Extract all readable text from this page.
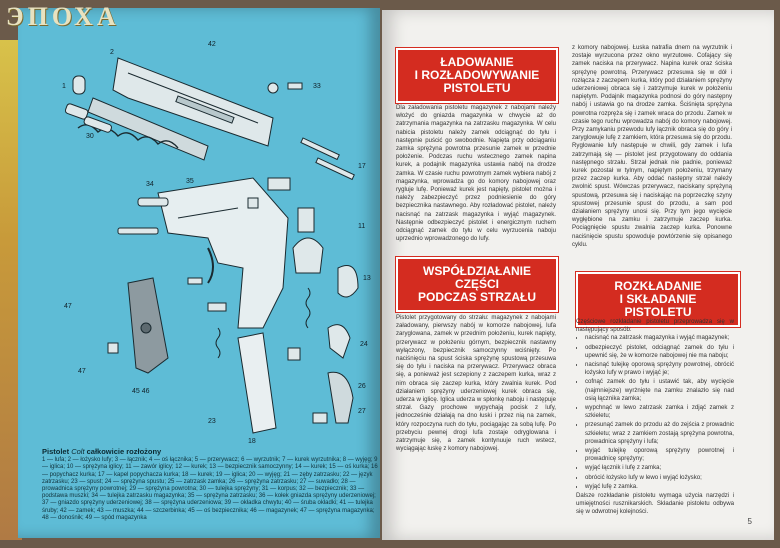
ЭПОХА
2
42
33
1
30
17
11
13
47
47
45 46
24
26
27
18
23
35
34
Pistolet Colt całkowicie rozłożony
1 — lufa; 2 — łożysko lufy; 3 — łącznik; 4 — oś łącznika; 5 — przerywacz; 6 — wyrzutnik; 7 — kurek wyrzutnika; 8 — wyjęg; 9 — iglica; 10 — sprężyna iglicy; 11 — zawór iglicy; 12 — kurek; 13 — bezpiecznik samoczynny; 14 — kurek; 15 — oś kurka; 16 — popychacz kurka; 17 — kapel popychacza kurka; 18 — kurek; 19 — iglica; 20 — wyjęg; 21 — zęby zatrzasku; 22 — język zatrzasku; 23 — spust; 24 — sprężyna spustu; 25 — zatrzask zamka; 26 — sprężyna zatrzasku; 27 — suwadło; 28 — prowadnica sprężyny powrotnej; 29 — sprężyna powrotna; 30 — tulejka sprężyny; 31 — korpus; 32 — bezpiecznik; 33 — podstawa muszki; 34 — tulejka zatrzasku magazynka; 35 — sprężyna zatrzasku; 36 — kołek gniazda sprężyny uderzeniowej; 37 — gniazdo sprężyny uderzeniowej; 38 — sprężyna uderzeniowa; 39 — okładka chwytu; 40 — śruba okładki; 41 — tulejka śruby; 42 — zamek; 43 — muszka; 44 — szczerbinka; 45 — oś bezpiecznika; 46 — magazynek; 47 — sprężyna magazynka; 48 — donośnik; 49 — spód magazynka
ŁADOWANIE
I ROZŁADOWYWANIE
PISTOLETU
Dla załadowania pistoletu magazynek z nabojami należy włożyć do gniazda magazynka w chwycie aż do zatrzymania magazynka na zatrzasku magazynka. W celu nabicia pistoletu należy zamek odciągnąć do tyłu i następnie puścić go swobodnie. Napięta przy odciąganiu zamka sprężyna powrotna przesunie zamek w przednie położenie. Podczas ruchu wstecznego zamek napina kurek, a podajnik magazynka ustawia nabój na drodze zamka. W czasie ruchu powrotnym zamek wybiera nabój z magazynka, wprowadza go do komory nabojowej oraz rygluje lufę. Ponieważ kurek jest napięty, pistolet można i należy zabezpieczyć przez podniesienie do góry bezpiecznika nastawnego. Aby rozładować pistolet, należy nacisnąć na zatrzask magazynka i wyjąć magazynek. Następnie odbezpieczyć pistolet i energicznym ruchem odciągnąć zamek do tyłu w celu wyrzucenia naboju uprzednio wprowadzonego do lufy.
WSPÓŁDZIAŁANIE
CZĘŚCI
PODCZAS STRZAŁU
Pistolet przygotowany do strzału: magazynek z nabojami załadowany, pierwszy nabój w komorze nabojowej, lufa zaryglowana, zamek w przednim położeniu, kurek napięty, przerywacz w położeniu górnym, bezpiecznik nastawny wyłączony, bezpiecznik samoczynny wciśnięty. Po naciśnięciu na spust ściska sprężynę spustową przesuwa się do tyłu i naciska na przerywacz. Przerywacz obraca się, a ponieważ jest sczepiony z zaczepem kurka, wraz z nim obraca się zaczep kurka, który zwalnia kurek. Pod działaniem sprężyny uderzeniowej kurek obraca się, uderza w iglicę. Iglica uderza w spłonkę naboju i następuje strzał. Gazy prochowe wypychają pocisk z lufy, jednocześnie działają na dno łuski i przez nią na zamek, który rozpoczyna ruch do tyłu, pociągając za sobą lufę. Po przebyciu pewnej drogi lufa zostaje odryglowana i zatrzymuje się, a zamek kontynuuje ruch wstecz, wyciągając łuskę z komory nabojowej.
z komory nabojowej. Łuska natrafia dnem na wyrzutnik i zostaje wyrzucona przez okno wyrzutowe. Cofający się zamek naciska na przerywacz. Napina kurek oraz ściska sprężynę powrotną. Przerywacz przesuwa się w dół i rozłącza z zaczepem kurka, który pod działaniem sprężyny uderzeniowej obraca się i zatrzymuje kurek w położeniu napiętym. Podajnik magazynka podnosi do góry następny nabój i ustawia go na drodze zamka. Ściśnięta sprężyna powrotna rozpręża się i zamek wraca do przodu. Zamek w czasie tego ruchu wprowadza nabój do komory nabojowej. Przy zamykaniu przewodu lufy łącznik obraca się do góry i zaryglowuje lufę z zamkiem, która przesuwa się do przodu. Ryglowanie lufy następuje w chwili, gdy zamek i lufa zatrzymają się — pistolet jest przygotowany do oddania następnego strzału. Strzał jednak nie padnie, ponieważ kurek pozostał w tylnym, napiętym położeniu, trzymany przez zaczep kurka. Aby oddać następny strzał należy zwolnić spust. Wówczas przerywacz, naciskany sprężyną spustową, przesuwa się i naciskając na poprzeczkę szyny spustowej przesunie spust do przodu, a sam pod działaniem sprężyny unosi się. Przy tym jego wycięcie wygłębione na zamku i zatrzymuje zaczep kurka. Pociągnięcie spustu zwalnia zaczep kurka. Ponowne naciśnięcie spustu spowoduje powtórzenie się opisanego cyklu.
ROZKŁADANIE
I SKŁADANIE PISTOLETU
Częściowe rozkładanie pistoletu przeprowadza się w następujący sposób:
• nacisnąć na zatrzask magazynka i wyjąć magazynek;
• odbezpieczyć pistolet, odciągnąć zamek do tyłu i upewnić się, że w komorze nabojowej nie ma naboju;
• nacisnąć tulejkę oporową sprężyny powrotnej, obrócić łożysko lufy w prawo i wyjąć je;
• cofnąć zamek do tyłu i ustawić tak, aby wycięcie (najmniejsze) wyrżnięte na zamku znalazło się nad osią łącznika zamka;
• wypchnąć w lewo zatrzask zamka i zdjąć zamek z szkieletu;
• przesunąć zamek do przodu aż do zejścia z prowadnic szkieletu; wraz z zamkiem zostają sprężyna powrotna, prowadnica sprężyny i lufa;
• wyjąć tulejkę oporową sprężyny powrotnej i prowadnicę sprężyny;
• wyjąć łącznik i lufę z zamka;
• obrócić łożysko lufy w lewo i wyjąć łożysko;
• wyjąć lufę z zamka.
Dalsze rozkładanie pistoletu wymaga użycia narzędzi i umiejętności rusznikarskich. Składanie pistoletu odbywa się w odwrotnej kolejności.
5
